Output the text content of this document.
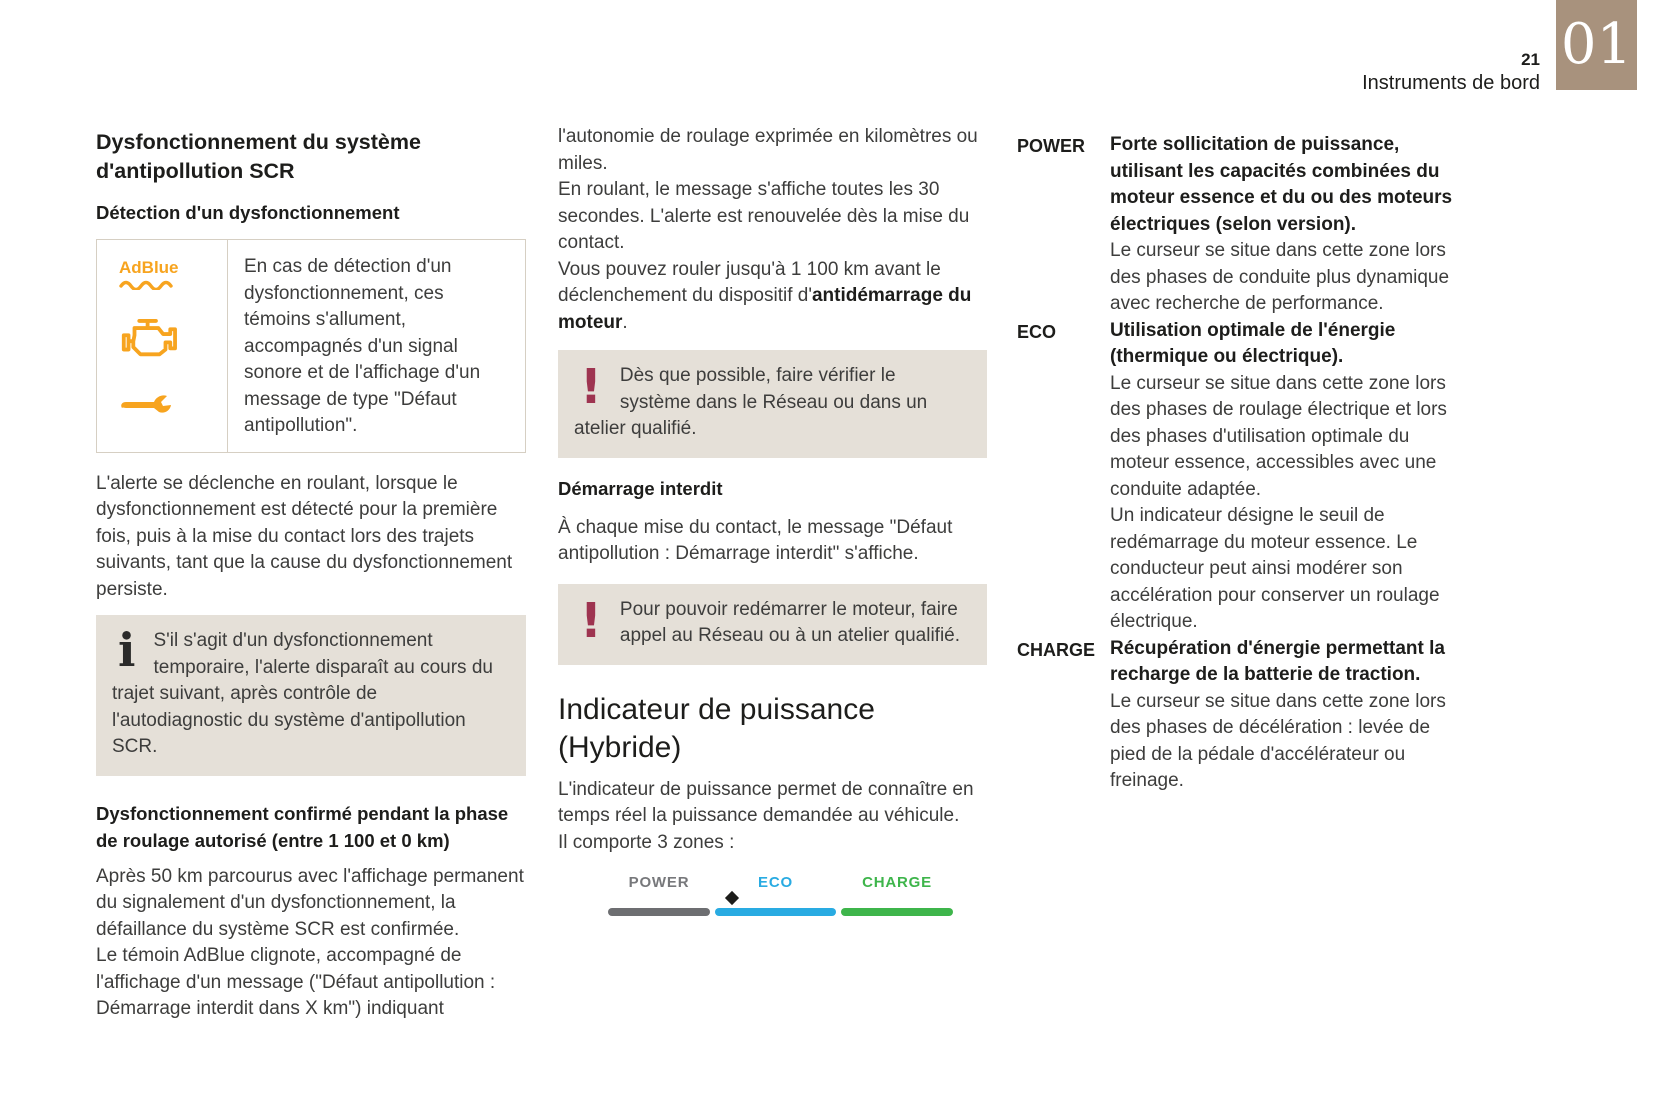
21
Instruments de bord
01
Dysfonctionnement du système d'antipollution SCR
Détection d'un dysfonctionnement
AdBlue	En cas de détection d'un dysfonctionnement, ces témoins s'allument, accompagnés d'un signal sonore et de l'affichage d'un message de type "Défaut antipollution".

L'alerte se déclenche en roulant, lorsque le dysfonctionnement est détecté pour la première fois, puis à la mise du contact lors des trajets suivants, tant que la cause du dysfonctionnement persiste.

i S'il s'agit d'un dysfonctionnement temporaire, l'alerte disparaît au cours du trajet suivant, après contrôle de l'autodiagnostic du système d'antipollution SCR.
Dysfonctionnement confirmé pendant la phase de roulage autorisé (entre 1 100 et 0 km)

Après 50 km parcourus avec l'affichage permanent du signalement d'un dysfonctionnement, la défaillance du système SCR est confirmée.

Le témoin AdBlue clignote, accompagné de l'affichage d'un message ("Défaut antipollution : Démarrage interdit dans X km") indiquant

l'autonomie de roulage exprimée en kilomètres ou miles.

En roulant, le message s'affiche toutes les 30 secondes. L'alerte est renouvelée dès la mise du contact.

Vous pouvez rouler jusqu'à 1 100 km avant le déclenchement du dispositif d'antidémarrage du moteur.

! Dès que possible, faire vérifier le système dans le Réseau ou dans un atelier qualifié.
Démarrage interdit

À chaque mise du contact, le message "Défaut antipollution : Démarrage interdit" s'affiche.

! Pour pouvoir redémarrer le moteur, faire appel au Réseau ou à un atelier qualifié.
Indicateur de puissance (Hybride)

L'indicateur de puissance permet de connaître en temps réel la puissance demandée au véhicule.

Il comporte 3 zones :

POWER	ECO	CHARGE
POWER	Forte sollicitation de puissance, utilisant les capacités combinées du moteur essence et du ou des moteurs électriques (selon version).

Le curseur se situe dans cette zone lors des phases de conduite plus dynamique avec recherche de performance.

ECO	Utilisation optimale de l'énergie (thermique ou électrique).

Le curseur se situe dans cette zone lors des phases de roulage électrique et lors des phases d'utilisation optimale du moteur essence, accessibles avec une conduite adaptée.

Un indicateur désigne le seuil de redémarrage du moteur essence. Le conducteur peut ainsi modérer son accélération pour conserver un roulage électrique.

CHARGE Récupération d'énergie permettant la recharge de la batterie de traction.

Le curseur se situe dans cette zone lors des phases de décélération : levée de pied de la pédale d'accélérateur ou freinage.
